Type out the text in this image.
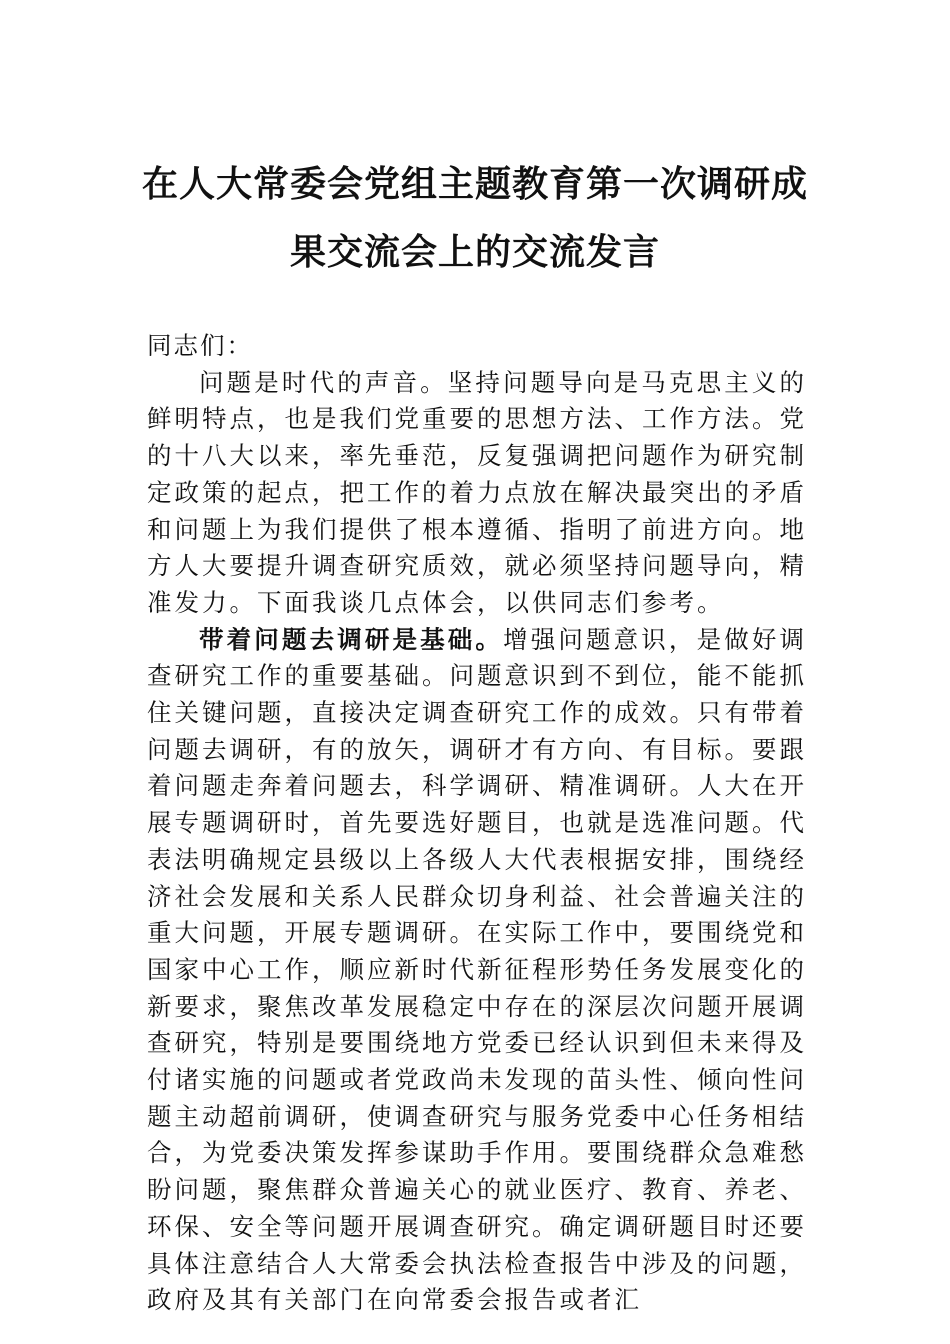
在人大常委会党组主题教育第一次调研成
果交流会上的交流发言

同志们：

问题是时代的声音。坚持问题导向是马克思主义的鲜明特点，也是我们党重要的思想方法、工作方法。党的十八大以来，率先垂范，反复强调把问题作为研究制定政策的起点，把工作的着力点放在解决最突出的矛盾和问题上为我们提供了根本遵循、指明了前进方向。地方人大要提升调查研究质效，就必须坚持问题导向，精准发力。下面我谈几点体会，以供同志们参考。

带着问题去调研是基础。增强问题意识，是做好调查研究工作的重要基础。问题意识到不到位，能不能抓住关键问题，直接决定调查研究工作的成效。只有带着问题去调研，有的放矢，调研才有方向、有目标。要跟着问题走奔着问题去，科学调研、精准调研。人大在开展专题调研时，首先要选好题目，也就是选准问题。代表法明确规定县级以上各级人大代表根据安排，围绕经济社会发展和关系人民群众切身利益、社会普遍关注的重大问题，开展专题调研。在实际工作中，要围绕党和国家中心工作，顺应新时代新征程形势任务发展变化的新要求，聚焦改革发展稳定中存在的深层次问题开展调查研究，特别是要围绕地方党委已经认识到但未来得及付诸实施的问题或者党政尚未发现的苗头性、倾向性问题主动超前调研，使调查研究与服务党委中心任务相结合，为党委决策发挥参谋助手作用。要围绕群众急难愁盼问题，聚焦群众普遍关心的就业医疗、教育、养老、环保、安全等问题开展调查研究。确定调研题目时还要具体注意结合人大常委会执法检查报告中涉及的问题，政府及其有关部门在向常委会报告或者汇
